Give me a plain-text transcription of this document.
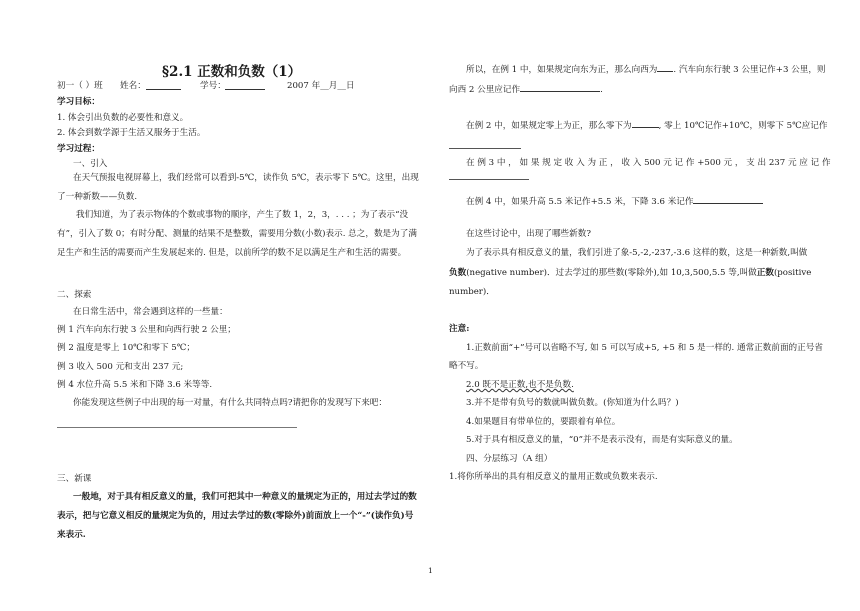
§2.1 正数和负数（1）
初一（ ）班 姓名：	学号：	2007 年__月__日
学习目标：
1. 体会引出负数的必要性和意义。
2. 体会到数学源于生活又服务于生活。
学习过程：
一、引入
在天气预报电视屏幕上，我们经常可以看到-5℃，读作负 5℃，表示零下 5℃。这里，出现了一种新数——负数.
我们知道，为了表示物体的个数或事物的顺序，产生了数 1，2，3，. . . ；为了表示“没有”，引入了数 0；有时分配、测量的结果不是整数，需要用分数(小数)表示. 总之，数是为了满足生产和生活的需要而产生发展起来的. 但是，以前所学的数不足以满足生产和生活的需要。
二、探索
在日常生活中，常会遇到这样的一些量：
例 1 汽车向东行驶 3 公里和向西行驶 2 公里；
例 2 温度是零上 10℃和零下 5℃；
例 3 收入 500 元和支出 237 元;
例 4 水位升高 5.5 米和下降 3.6 米等等.
你能发现这些例子中出现的每一对量，有什么共同特点吗?请把你的发现写下来吧：
三、新课
一般地，对于具有相反意义的量，我们可把其中一种意义的量规定为正的，用过去学过的数表示，把与它意义相反的量规定为负的，用过去学过的数(零除外)前面放上一个“-”(读作负)号来表示.
所以，在例 1 中，如果规定向东为正，那么向西为 . 汽车向东行驶 3 公里记作+3 公里，则
向西 2 公里应记作	.
在例 2 中，如果规定零上为正，那么零下为	, 零上 10℃记作+10℃，则零下 5℃应记作
在 例 3 中 ， 如 果 规 定 收 入 为 正 ， 收 入 500 元 记 作 +500 元 ， 支 出 237 元 应 记 作
在例 4 中，如果升高 5.5 米记作+5.5 米，下降 3.6 米记作
在这些讨论中，出现了哪些新数?
为了表示具有相反意义的量，我们引进了象-5,-2,-237,-3.6 这样的数，这是一种新数,叫做
负数(negative number)．过去学过的那些数(零除外),如 10,3,500,5.5 等,叫做正数(positive
number)．
注意:
1.正数前面“+”号可以省略不写, 如 5 可以写成+5, +5 和 5 是一样的. 通常正数前面的正号省
略不写。
2.0 既不是正数,也不是负数.
3.并不是带有负号的数就叫做负数。(你知道为什么吗？)
4.如果题目有带单位的，要跟着有单位。
5.对于具有相反意义的量，“0”并不是表示没有，而是有实际意义的量。
四、分层练习（A 组）
1.将你所举出的具有相反意义的量用正数或负数来表示.
1
